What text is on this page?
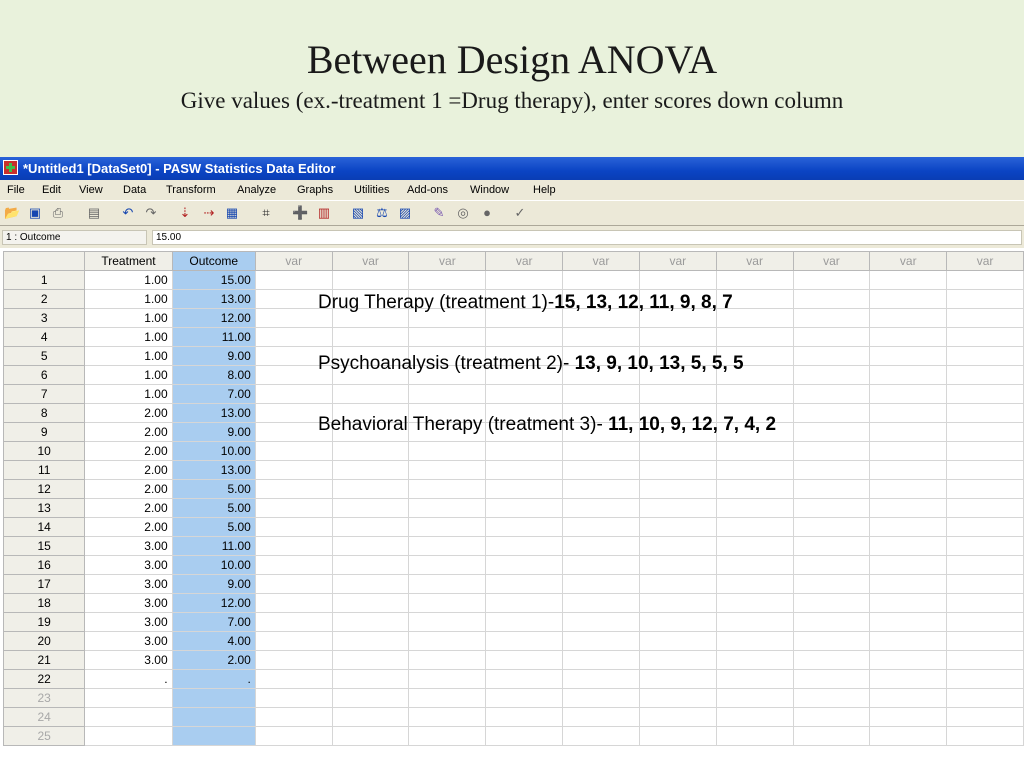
Between Design ANOVA
Give values (ex.-treatment 1 =Drug therapy), enter scores down column
*Untitled1 [DataSet0] - PASW Statistics Data Editor
File Edit View Data Transform Analyze Graphs Utilities Add-ons Window Help
📂 ▣ ⎙ ▤ ↶ ↷ ⇣ ⇢ ▦	⌗	➕ ▥ ▧ ⚖ ▨ ✎ ◎	●	✓
1 : Outcome	15.00
	Treatment	Outcome	var	var	var	var	var	var	var	var	var	var
1	1.00	15.00										
2	1.00	13.00										
3	1.00	12.00										
4	1.00	11.00										
5	1.00	9.00										
6	1.00	8.00										
7	1.00	7.00										
8	2.00	13.00										
9	2.00	9.00										
10	2.00	10.00										
11	2.00	13.00										
12	2.00	5.00										
13	2.00	5.00										
14	2.00	5.00										
15	3.00	11.00										
16	3.00	10.00										
17	3.00	9.00										
18	3.00	12.00										
19	3.00	7.00										
20	3.00	4.00										
21	3.00	2.00										
22	.	.										
23												
24												
25												
Drug Therapy (treatment 1)-15, 13, 12, 11, 9, 8, 7
Psychoanalysis (treatment 2)- 13, 9, 10, 13, 5, 5, 5
Behavioral Therapy (treatment 3)- 11, 10, 9, 12, 7, 4, 2
